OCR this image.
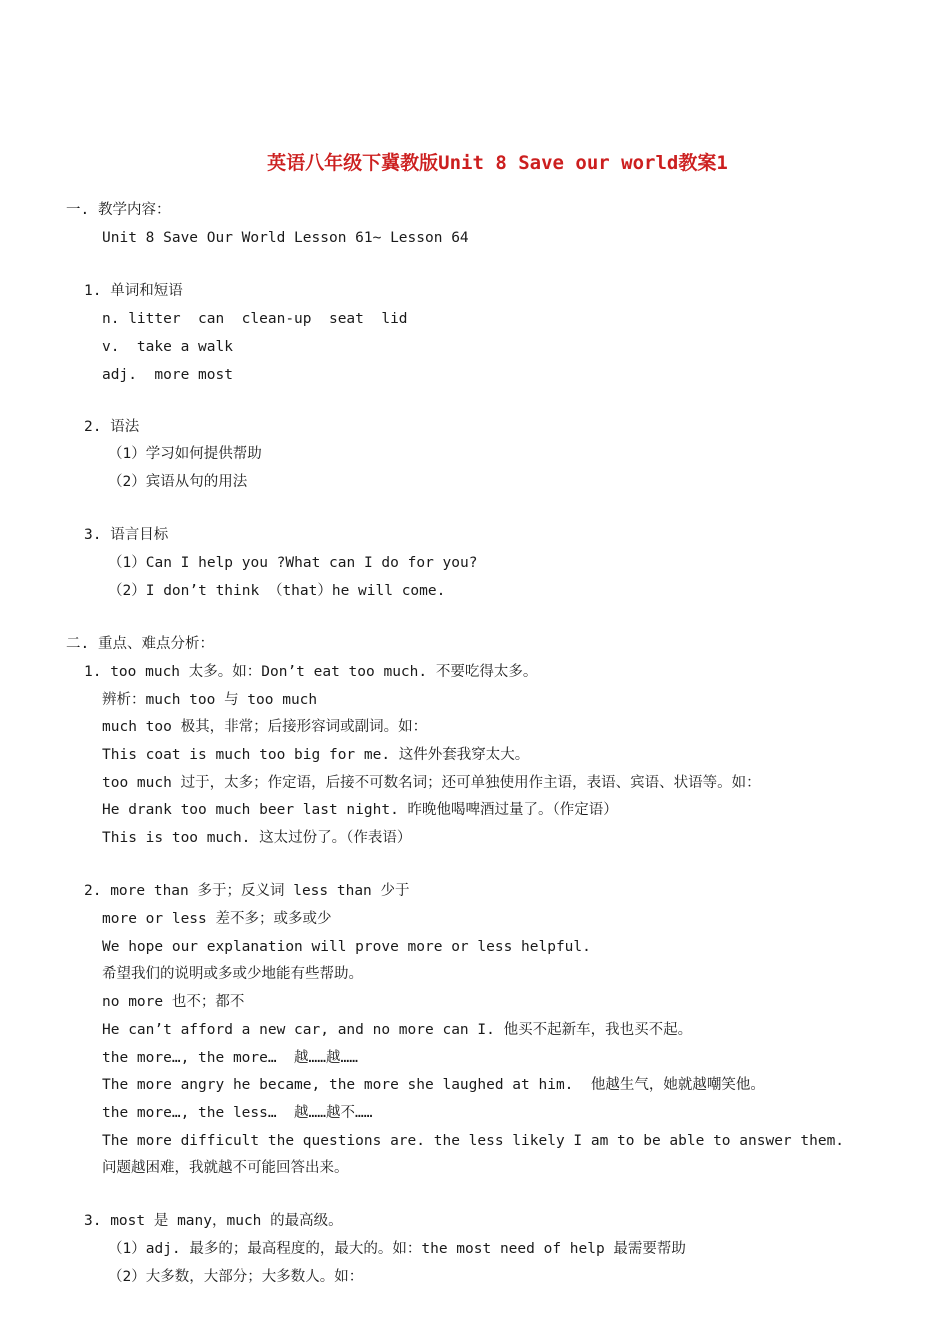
英语八年级下冀教版Unit 8 Save our world教案1
一. 教学内容：
Unit 8 Save Our World Lesson 61~ Lesson 64
1. 单词和短语
n. litter  can  clean-up  seat  lid
v.  take a walk
adj.  more most
2. 语法
（1）学习如何提供帮助
（2）宾语从句的用法
3. 语言目标
（1）Can I help you ?What can I do for you?
（2）I don’t think （that）he will come.
二. 重点、难点分析：
1. too much 太多。如：Don’t eat too much. 不要吃得太多。
辨析：much too 与 too much
much too 极其，非常；后接形容词或副词。如：
This coat is much too big for me. 这件外套我穿太大。
too much 过于，太多；作定语，后接不可数名词；还可单独使用作主语，表语、宾语、状语等。如：
He drank too much beer last night. 昨晚他喝啤酒过量了。（作定语）
This is too much. 这太过份了。（作表语）
2. more than 多于；反义词 less than 少于
more or less 差不多；或多或少
We hope our explanation will prove more or less helpful.
希望我们的说明或多或少地能有些帮助。
no more 也不；都不
He can’t afford a new car, and no more can I. 他买不起新车，我也买不起。
the more…, the more…  越……越……
The more angry he became, the more she laughed at him.  他越生气，她就越嘲笑他。
the more…, the less…  越……越不……
The more difficult the questions are. the less likely I am to be able to answer them.
问题越困难，我就越不可能回答出来。
3. most 是 many，much 的最高级。
（1）adj. 最多的；最高程度的，最大的。如：the most need of help 最需要帮助
（2）大多数，大部分；大多数人。如：
